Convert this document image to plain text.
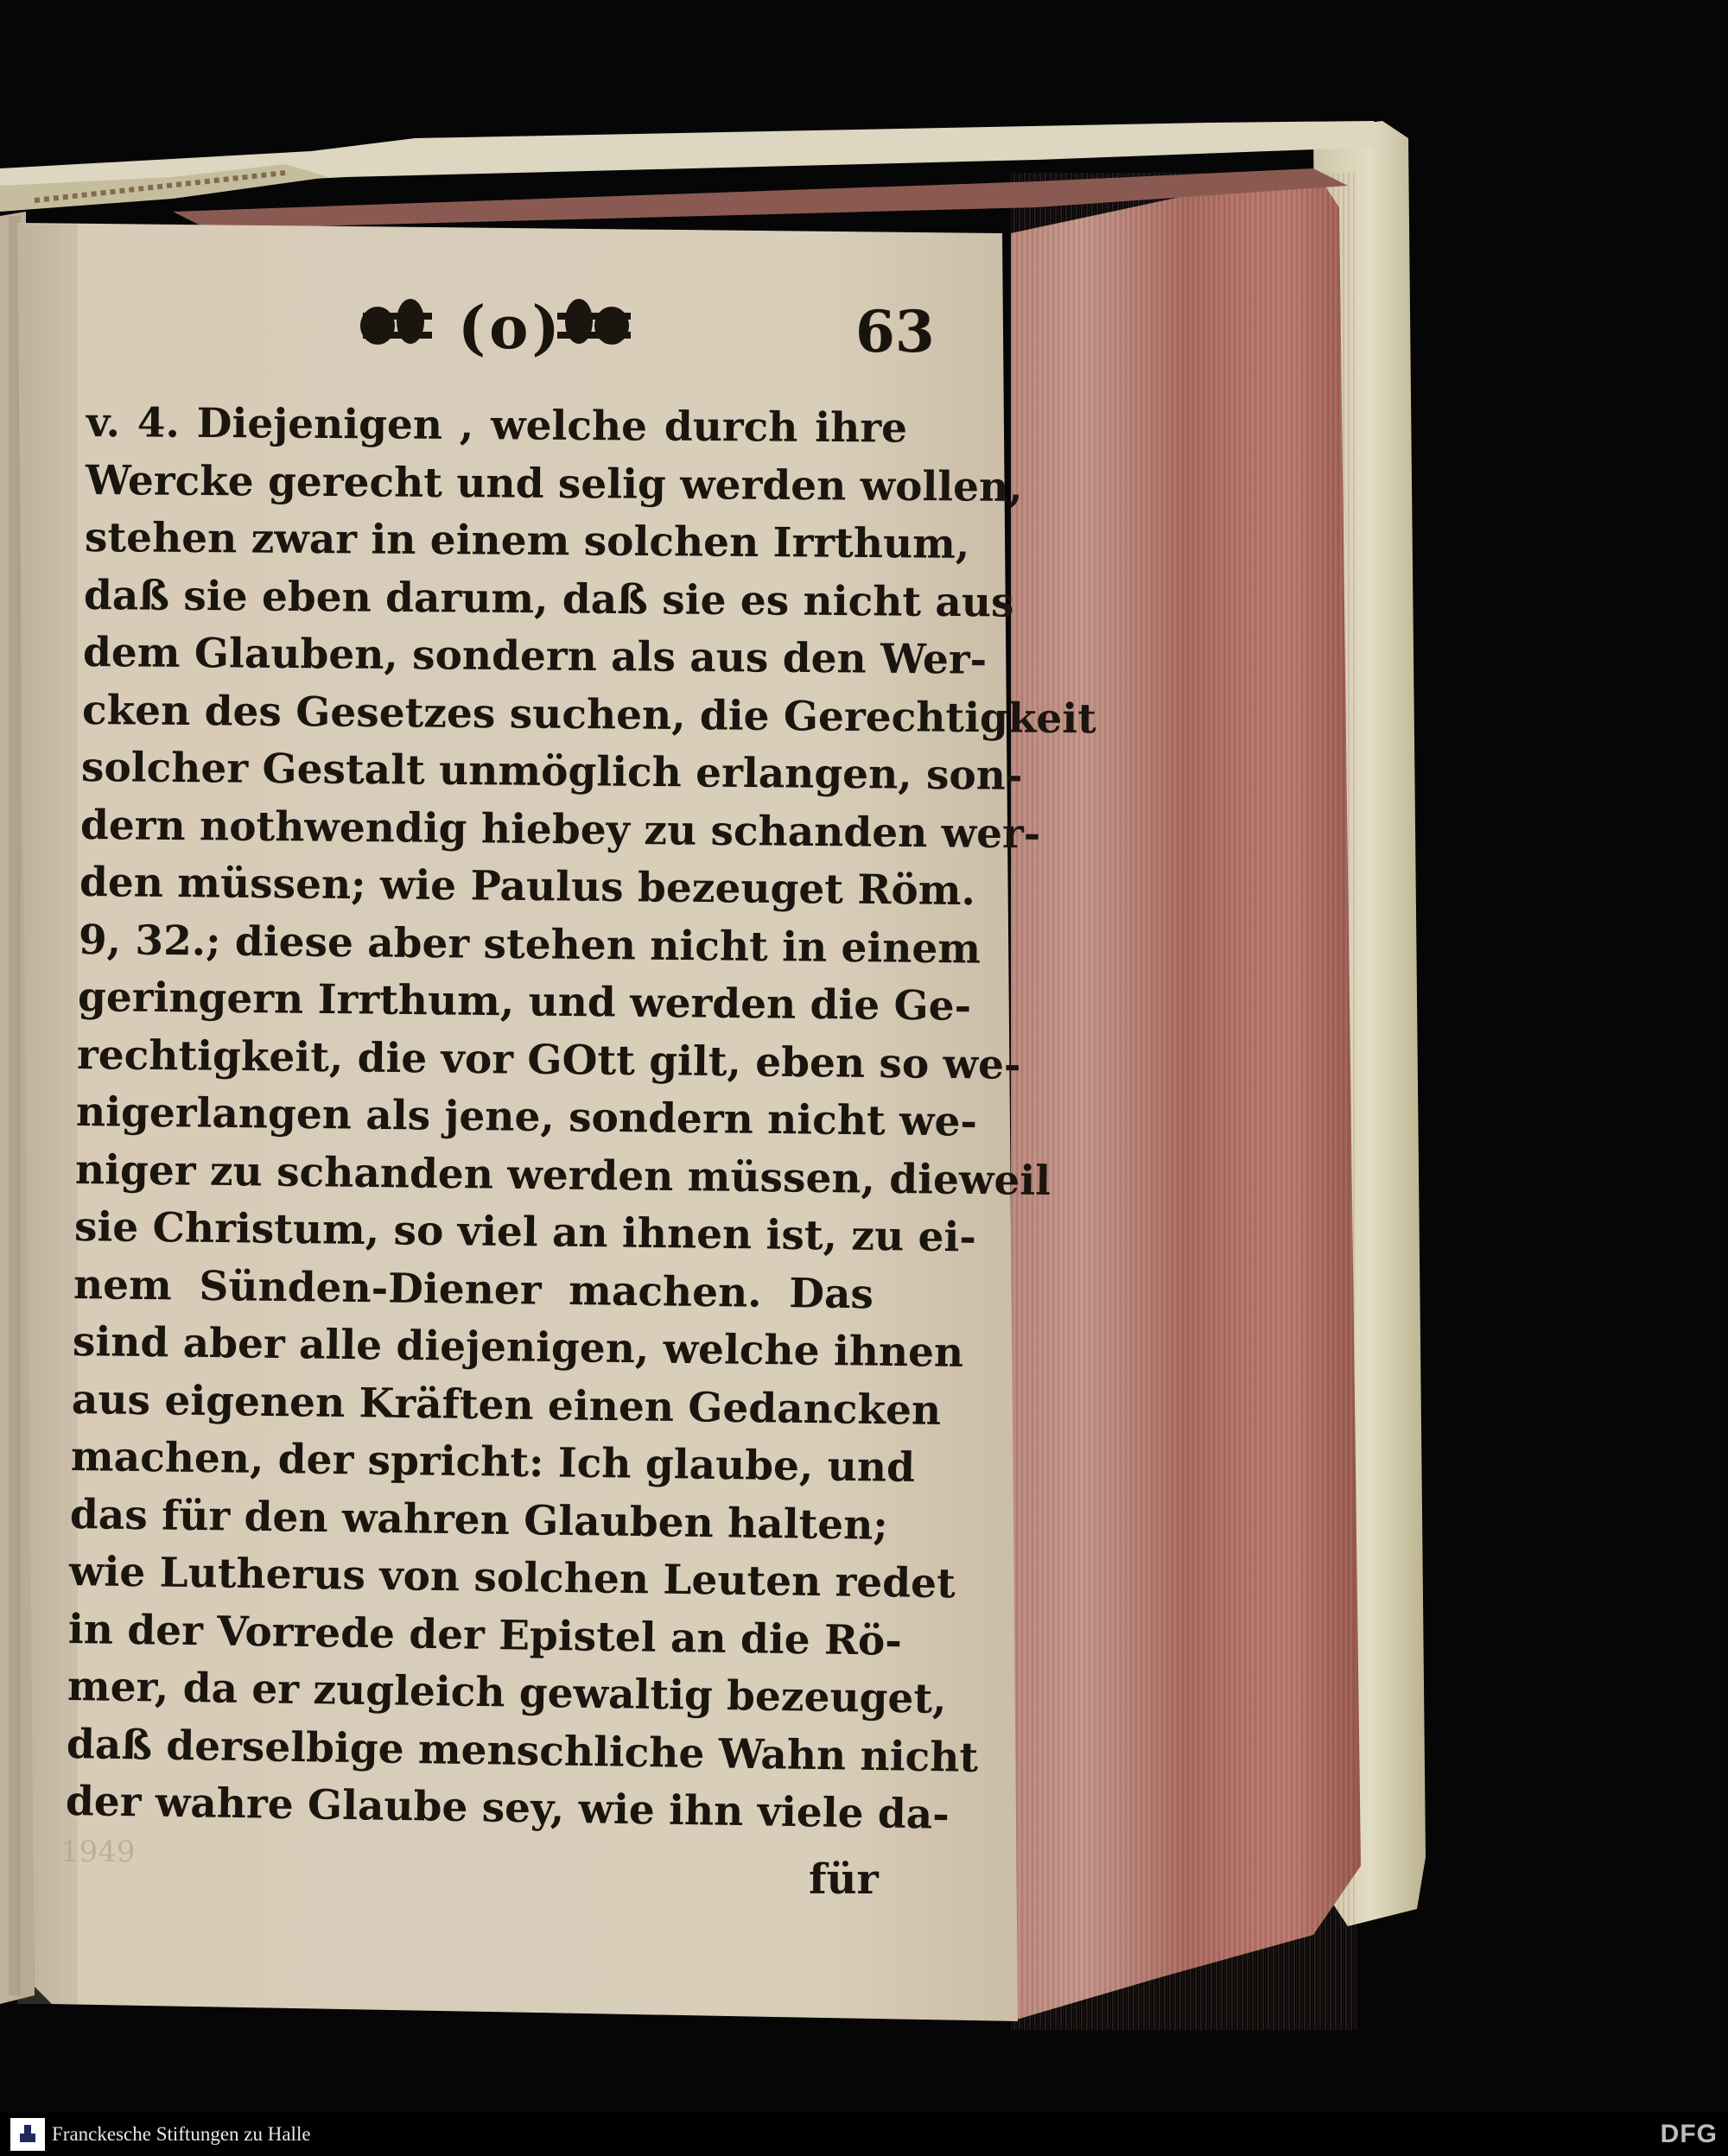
1949
(o)	63
v. 4. Diejenigen , welche durch ihre
Wercke gerecht und selig werden wollen,
stehen zwar in einem solchen Irrthum,
daß sie eben darum, daß sie es nicht aus
dem Glauben, sondern als aus den Wer-
cken des Gesetzes suchen, die Gerechtigkeit
solcher Gestalt unmöglich erlangen, son-
dern nothwendig hiebey zu schanden wer-
den müssen; wie Paulus bezeuget Röm.
9, 32.; diese aber stehen nicht in einem
geringern Irrthum, und werden die Ge-
rechtigkeit, die vor GOtt gilt, eben so we-
nigerlangen als jene, sondern nicht we-
niger zu schanden werden müssen, dieweil
sie Christum, so viel an ihnen ist, zu ei-
nem Sünden-Diener machen. Das
sind aber alle diejenigen, welche ihnen
aus eigenen Kräften einen Gedancken
machen, der spricht: Ich glaube, und
das für den wahren Glauben halten;
wie Lutherus von solchen Leuten redet
in der Vorrede der Epistel an die Rö-
mer, da er zugleich gewaltig bezeuget,
daß derselbige menschliche Wahn nicht
der wahre Glaube sey, wie ihn viele da-
für
Franckesche Stiftungen zu Halle	DFG
